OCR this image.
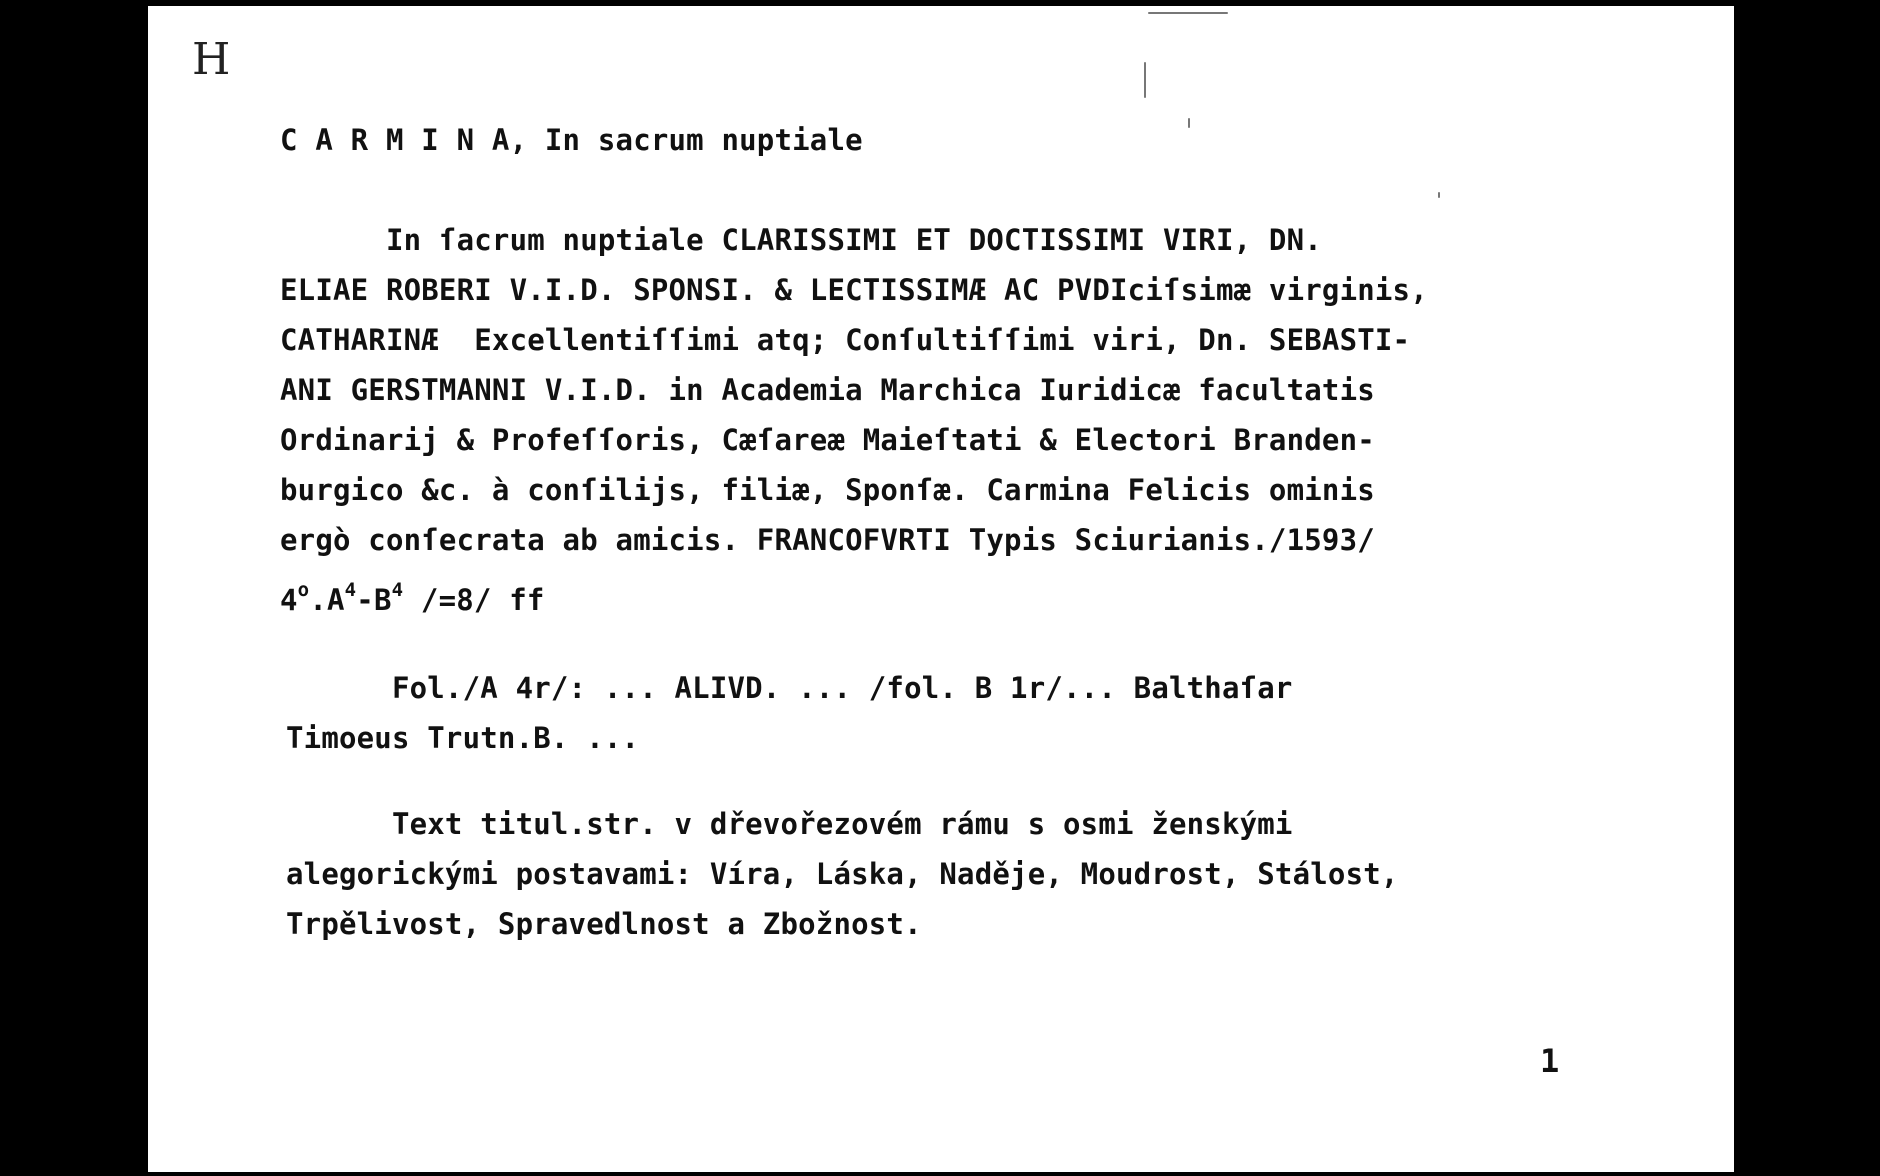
H
C A R M I N A, In sacrum nuptiale
In ſacrum nuptiale CLARISSIMI ET DOCTISSIMI VIRI, DN.
ELIAE ROBERI V.I.D. SPONSI. & LECTISSIMÆ AC PVDIciſsimæ virginis,
CATHARINÆ  Excellentiſſimi atq; Conſultiſſimi viri, Dn. SEBASTI-
ANI GERSTMANNI V.I.D. in Academia Marchica Iuridicæ facultatis
Ordinarij & Profeſſoris, Cæſareæ Maieſtati & Electori Branden-
burgico &c. à conſilijs, filiæ, Sponſæ. Carmina Felicis ominis
ergò conſecrata ab amicis. FRANCOFVRTI Typis Sciurianis./1593/
$4^o.A^4-B^4$ /=8/ ff
Fol./A 4r/: ... ALIVD. ... /fol. B 1r/... Balthaſar
Timoeus Trutn.B. ...
Text titul.str. v dřevořezovém rámu s osmi ženskými
alegorickými postavami: Víra, Láska, Naděje, Moudrost, Stálost,
Trpělivost, Spravedlnost a Zbožnost.
1
